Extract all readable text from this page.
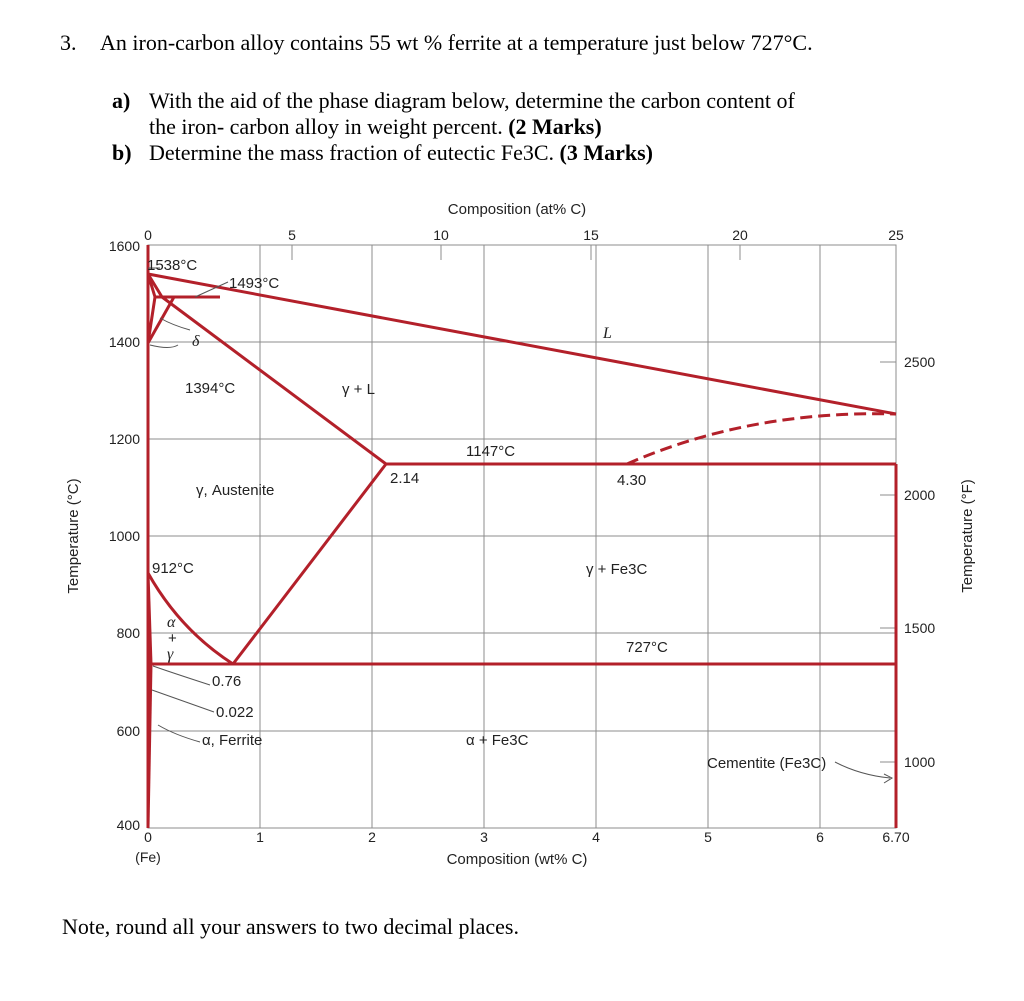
3. An iron-carbon alloy contains 55 wt % ferrite at a temperature just below 727°C.
a) With the aid of the phase diagram below, determine the carbon content of
the iron- carbon alloy in weight percent. (2 Marks)
b) Determine the mass fraction of eutectic Fe3C. (3 Marks)
Note, round all your answers to two decimal places.
Composition (at% C)
0	5	10	15	20	25
1600
1400
1200
1000
800
600
400
Temperature (°C)
2500
2000
1500
1000
Temperature (°F)
0	1	2	3	4	5	6	6.70
(Fe)	Composition (wt% C)
1538°C
1493°C
1394°C
1147°C
912°C
727°C
2.14	4.30
0.76
0.022
δ	L
γ + L
γ, Austenite
γ + Fe3C
α + Fe3C
α, Ferrite
α
+
γ
Cementite (Fe3C)
